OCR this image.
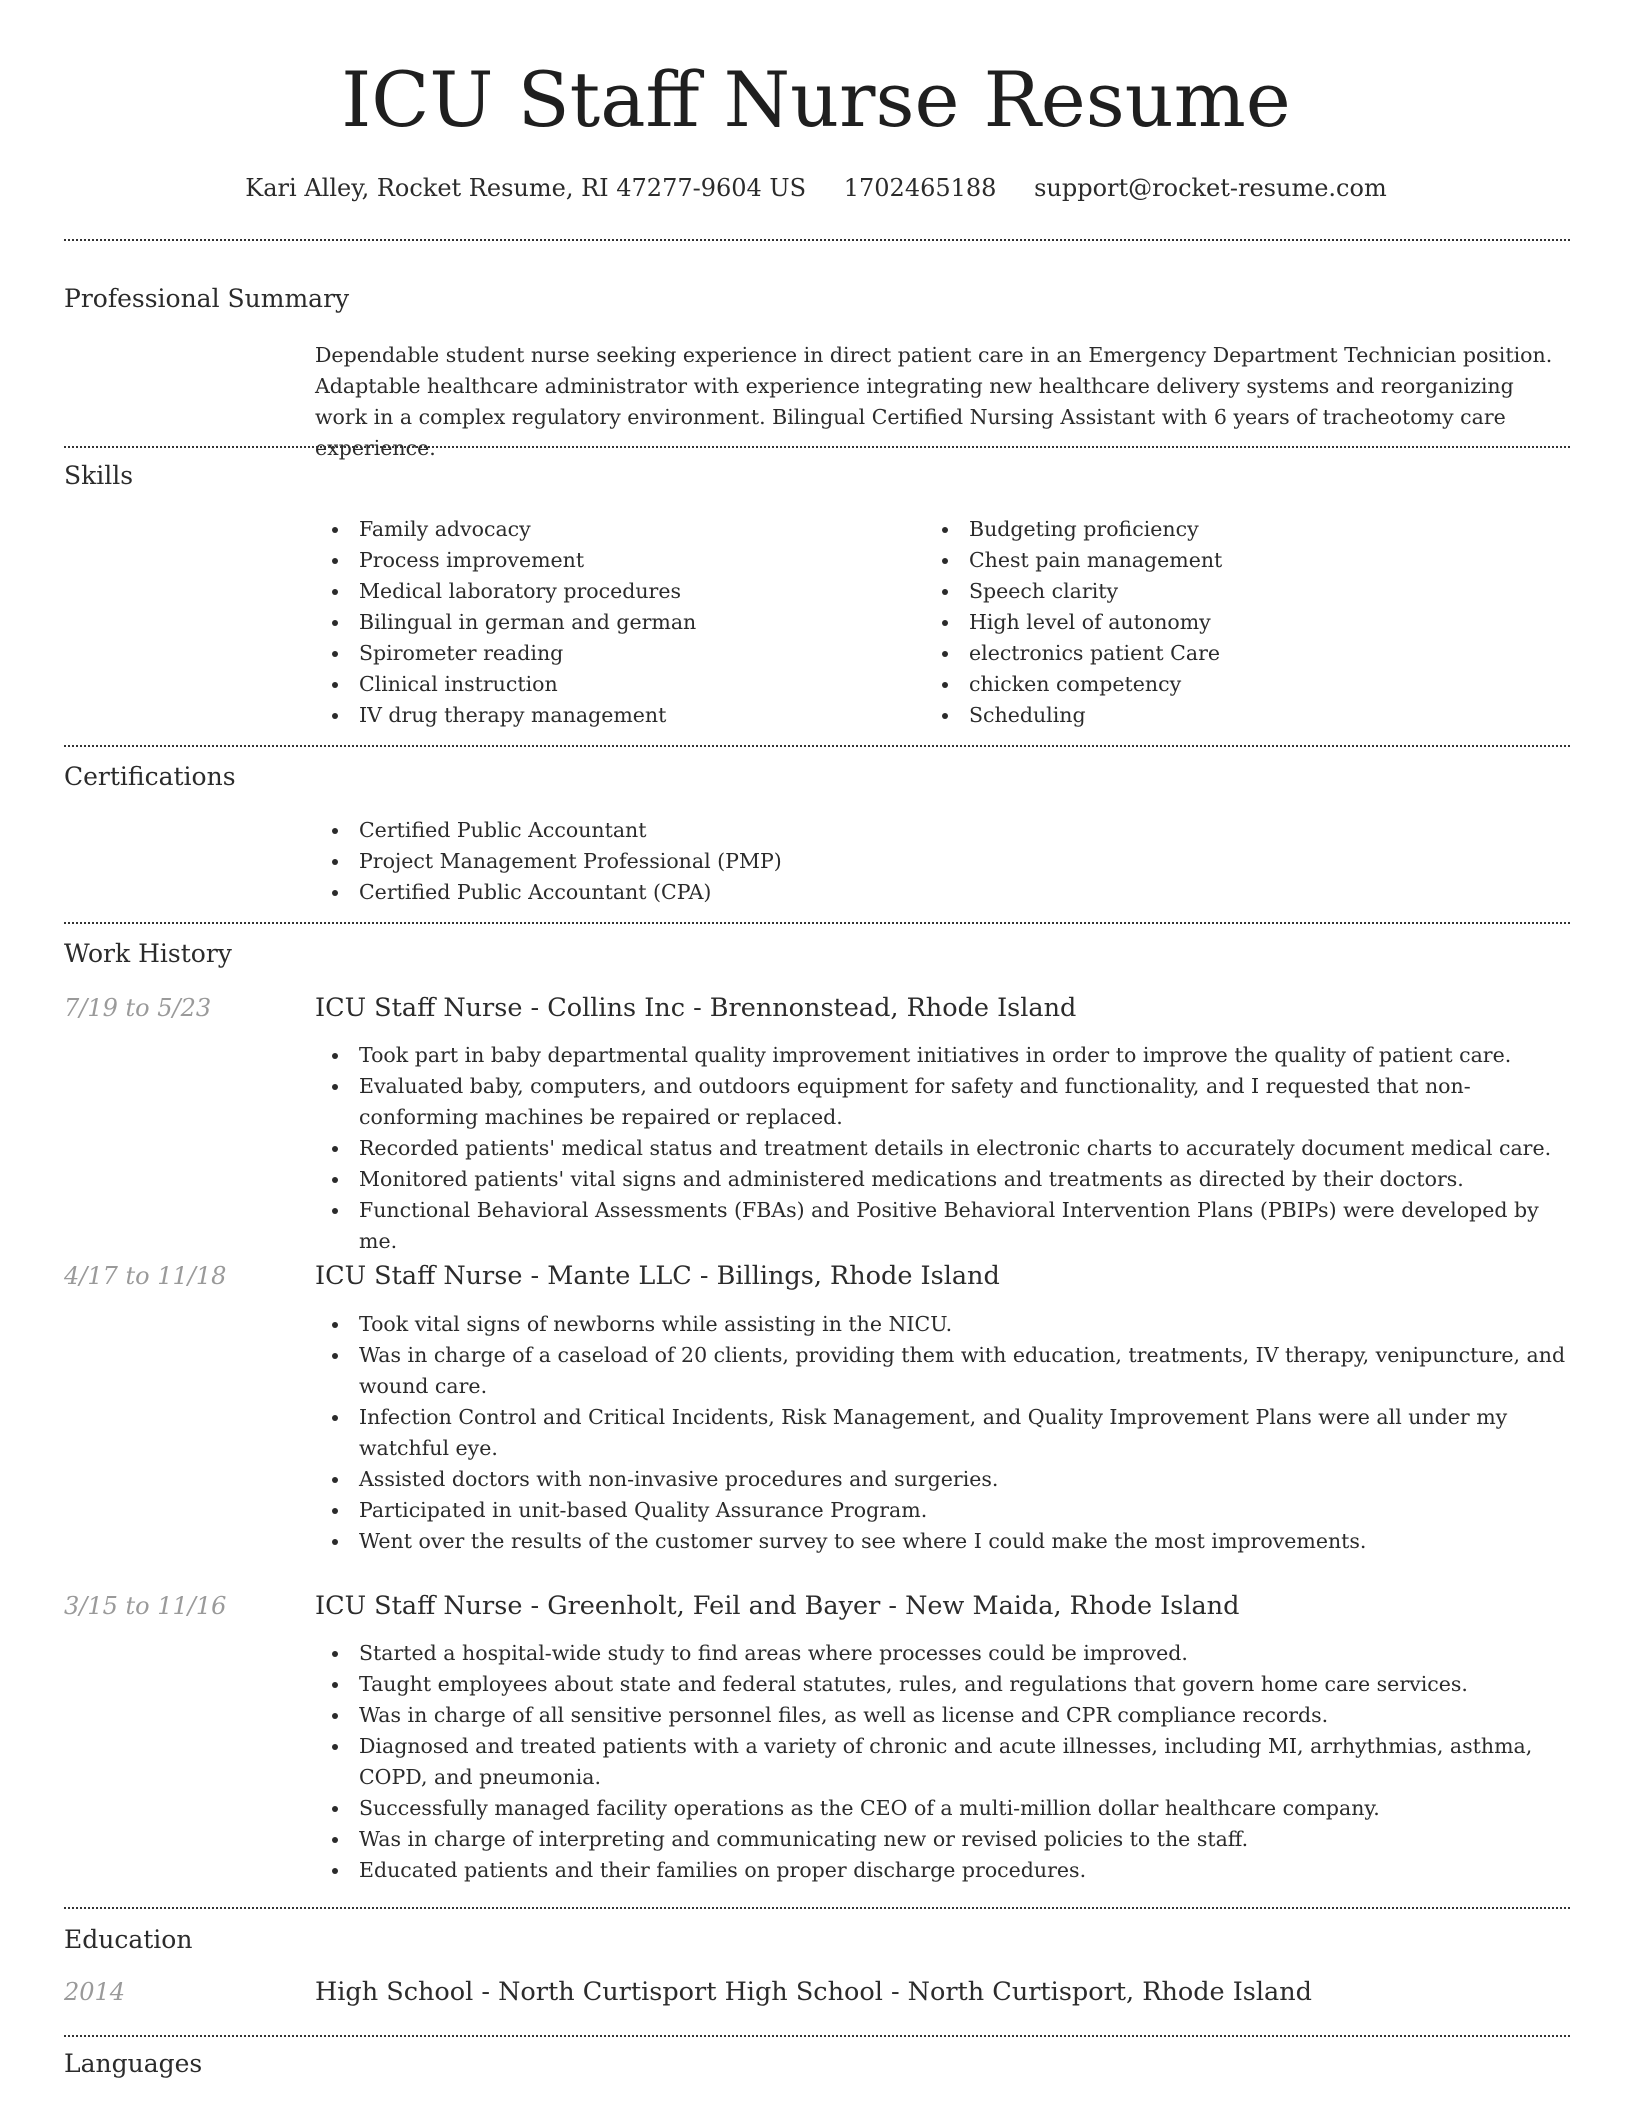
ICU Staff Nurse Resume
Kari Alley, Rocket Resume, RI 47277-9604 US 1702465188 support@rocket-resume.com
Professional Summary

Dependable student nurse seeking experience in direct patient care in an Emergency Department Technician position. Adaptable healthcare administrator with experience integrating new healthcare delivery systems and reorganizing work in a complex regulatory environment. Bilingual Certified Nursing Assistant with 6 years of tracheotomy care experience.

Skills
Family advocacy
Process improvement
Medical laboratory procedures
Bilingual in german and german
Spirometer reading
Clinical instruction
IV drug therapy management
Budgeting proficiency
Chest pain management
Speech clarity
High level of autonomy
electronics patient Care
chicken competency
Scheduling
Certifications
Certified Public Accountant
Project Management Professional (PMP)
Certified Public Accountant (CPA)
Work History
7/19 to 5/23	ICU Staff Nurse - Collins Inc - Brennonstead, Rhode Island
Took part in baby departmental quality improvement initiatives in order to improve the quality of patient care.
Evaluated baby, computers, and outdoors equipment for safety and functionality, and I requested that non-conforming machines be repaired or replaced.
Recorded patients' medical status and treatment details in electronic charts to accurately document medical care.
Monitored patients' vital signs and administered medications and treatments as directed by their doctors.
Functional Behavioral Assessments (FBAs) and Positive Behavioral Intervention Plans (PBIPs) were developed by me.
4/17 to 11/18	ICU Staff Nurse - Mante LLC - Billings, Rhode Island
Took vital signs of newborns while assisting in the NICU.
Was in charge of a caseload of 20 clients, providing them with education, treatments, IV therapy, venipuncture, and wound care.
Infection Control and Critical Incidents, Risk Management, and Quality Improvement Plans were all under my watchful eye.
Assisted doctors with non-invasive procedures and surgeries.
Participated in unit-based Quality Assurance Program.
Went over the results of the customer survey to see where I could make the most improvements.
3/15 to 11/16	ICU Staff Nurse - Greenholt, Feil and Bayer - New Maida, Rhode Island
Started a hospital-wide study to find areas where processes could be improved.
Taught employees about state and federal statutes, rules, and regulations that govern home care services.
Was in charge of all sensitive personnel files, as well as license and CPR compliance records.
Diagnosed and treated patients with a variety of chronic and acute illnesses, including MI, arrhythmias, asthma, COPD, and pneumonia.
Successfully managed facility operations as the CEO of a multi-million dollar healthcare company.
Was in charge of interpreting and communicating new or revised policies to the staff.
Educated patients and their families on proper discharge procedures.
Education
2014	High School - North Curtisport High School - North Curtisport, Rhode Island
Languages
